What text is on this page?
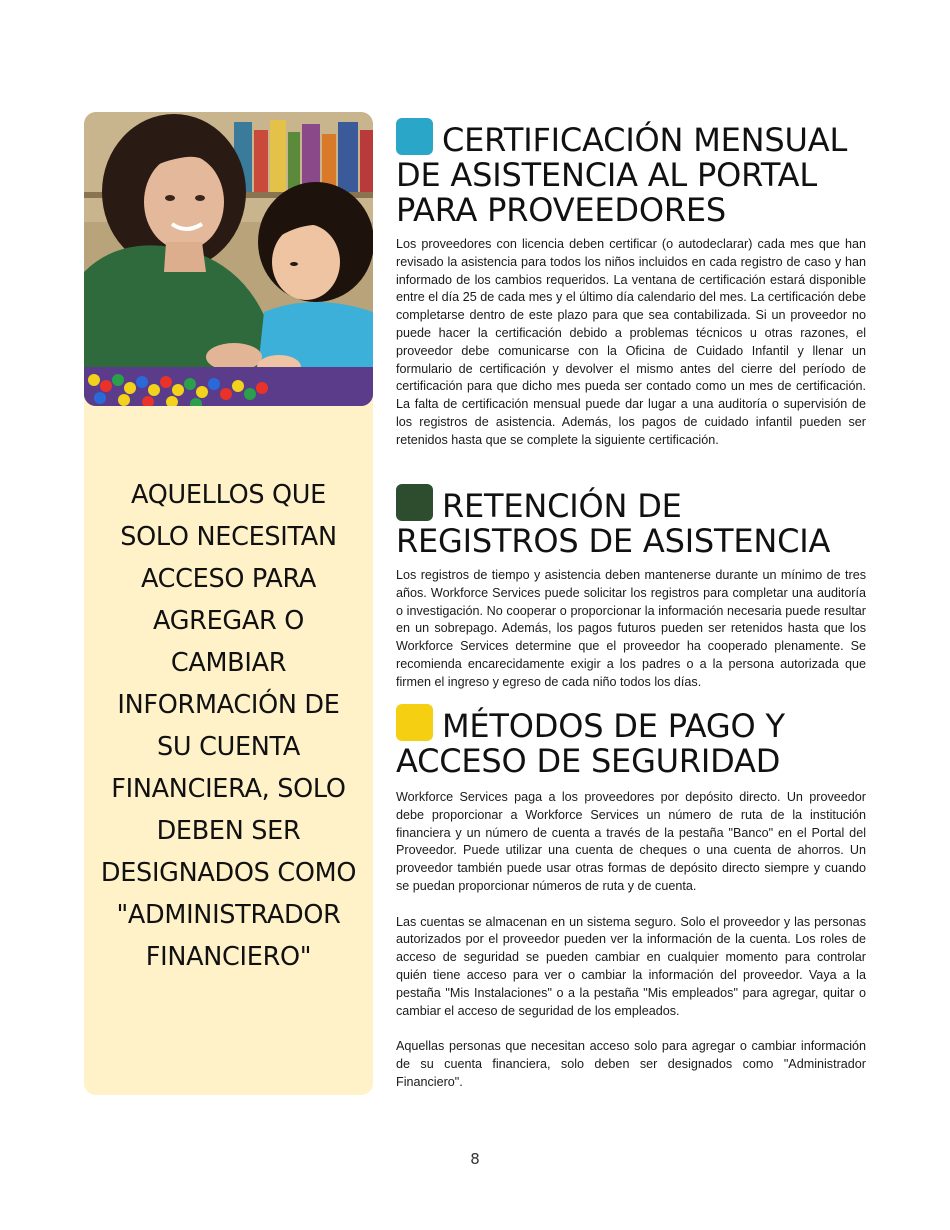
AQUELLOS QUE SOLO NECESITAN ACCESO PARA AGREGAR O CAMBIAR INFORMACIÓN DE SU CUENTA FINANCIERA, SOLO DEBEN SER DESIGNADOS COMO "ADMINISTRADOR FINANCIERO"
CERTIFICACIÓN MENSUAL DE ASISTENCIA AL PORTAL PARA PROVEEDORES

Los proveedores con licencia deben certificar (o autodeclarar) cada mes que han revisado la asistencia para todos los niños incluidos en cada registro de caso y han informado de los cambios requeridos. La ventana de certificación estará disponible entre el día 25 de cada mes y el último día calendario del mes. La certificación debe completarse dentro de este plazo para que sea contabilizada. Si un proveedor no puede hacer la certificación debido a problemas técnicos u otras razones, el proveedor debe comunicarse con la Oficina de Cuidado Infantil y llenar un formulario de certificación y devolver el mismo antes del cierre del período de certificación para que dicho mes pueda ser contado como un mes de certificación. La falta de certificación mensual puede dar lugar a una auditoría o supervisión de los registros de asistencia. Además, los pagos de cuidado infantil pueden ser retenidos hasta que se complete la siguiente certificación.

RETENCIÓN DE REGISTROS DE ASISTENCIA

Los registros de tiempo y asistencia deben mantenerse durante un mínimo de tres años. Workforce Services puede solicitar los registros para completar una auditoría o investigación. No cooperar o proporcionar la información necesaria puede resultar en un sobrepago. Además, los pagos futuros pueden ser retenidos hasta que los Workforce Services determine que el proveedor ha cooperado plenamente. Se recomienda encarecidamente exigir a los padres o a la persona autorizada que firmen el ingreso y egreso de cada niño todos los días.

MÉTODOS DE PAGO Y ACCESO DE SEGURIDAD

Workforce Services paga a los proveedores por depósito directo. Un proveedor debe proporcionar a Workforce Services un número de ruta de la institución financiera y un número de cuenta a través de la pestaña "Banco" en el Portal del Proveedor. Puede utilizar una cuenta de cheques o una cuenta de ahorros. Un proveedor también puede usar otras formas de depósito directo siempre y cuando se puedan proporcionar números de ruta y de cuenta.

Las cuentas se almacenan en un sistema seguro. Solo el proveedor y las personas autorizados por el proveedor pueden ver la información de la cuenta. Los roles de acceso de seguridad se pueden cambiar en cualquier momento para controlar quién tiene acceso para ver o cambiar la información del proveedor. Vaya a la pestaña "Mis Instalaciones" o a la pestaña "Mis empleados" para agregar, quitar o cambiar el acceso de seguridad de los empleados.

Aquellas personas que necesitan acceso solo para agregar o cambiar información de su cuenta financiera, solo deben ser designados como "Administrador Financiero".

8
